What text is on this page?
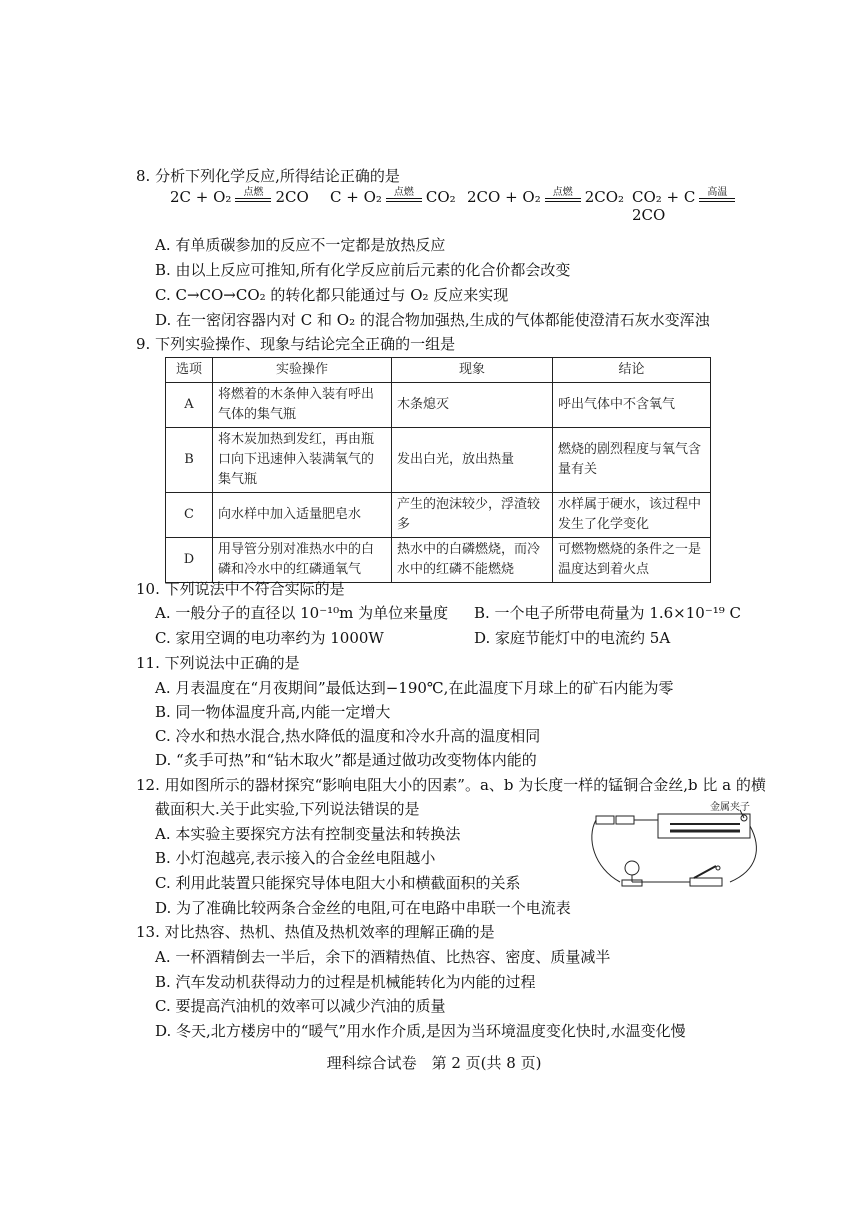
8. 分析下列化学反应,所得结论正确的是
2C + O₂	点燃 2CO C + O₂	点燃 CO₂ 2CO + O₂	点燃 2CO₂ CO₂ + C	高温
2CO
A. 有单质碳参加的反应不一定都是放热反应
B. 由以上反应可推知,所有化学反应前后元素的化合价都会改变
C. C→CO→CO₂ 的转化都只能通过与 O₂ 反应来实现
D. 在一密闭容器内对 C 和 O₂ 的混合物加强热,生成的气体都能使澄清石灰水变浑浊
9. 下列实验操作、现象与结论完全正确的一组是
选项	实验操作	现象	结论
A	将燃着的木条伸入装有呼出气体的集气瓶	木条熄灭	呼出气体中不含氧气
B	将木炭加热到发红，再由瓶口向下迅速伸入装满氧气的集气瓶	发出白光，放出热量	燃烧的剧烈程度与氧气含量有关
C	向水样中加入适量肥皂水	产生的泡沫较少，浮渣较多	水样属于硬水，该过程中发生了化学变化
D	用导管分别对准热水中的白磷和冷水中的红磷通氧气	热水中的白磷燃烧，而冷水中的红磷不能燃烧	可燃物燃烧的条件之一是温度达到着火点
10. 下列说法中不符合实际的是
A. 一般分子的直径以 10⁻¹⁰m 为单位来量度 B. 一个电子所带电荷量为 1.6×10⁻¹⁹ C
C. 家用空调的电功率约为 1000W	D. 家庭节能灯中的电流约 5A
11. 下列说法中正确的是
A. 月表温度在“月夜期间”最低达到−190℃,在此温度下月球上的矿石内能为零
B. 同一物体温度升高,内能一定增大
C. 冷水和热水混合,热水降低的温度和冷水升高的温度相同
D. “炙手可热”和“钻木取火”都是通过做功改变物体内能的
12. 用如图所示的器材探究“影响电阻大小的因素”。a、b 为长度一样的锰铜合金丝,b 比 a 的横
截面积大.关于此实验,下列说法错误的是
A. 本实验主要探究方法有控制变量法和转换法
B. 小灯泡越亮,表示接入的合金丝电阻越小
C. 利用此装置只能探究导体电阻大小和横截面积的关系
D. 为了准确比较两条合金丝的电阻,可在电路中串联一个电流表
金属夹子
13. 对比热容、热机、热值及热机效率的理解正确的是
A. 一杯酒精倒去一半后，余下的酒精热值、比热容、密度、质量减半
B. 汽车发动机获得动力的过程是机械能转化为内能的过程
C. 要提高汽油机的效率可以减少汽油的质量
D. 冬天,北方楼房中的“暖气”用水作介质,是因为当环境温度变化快时,水温变化慢
理科综合试卷　第 2 页(共 8 页)
